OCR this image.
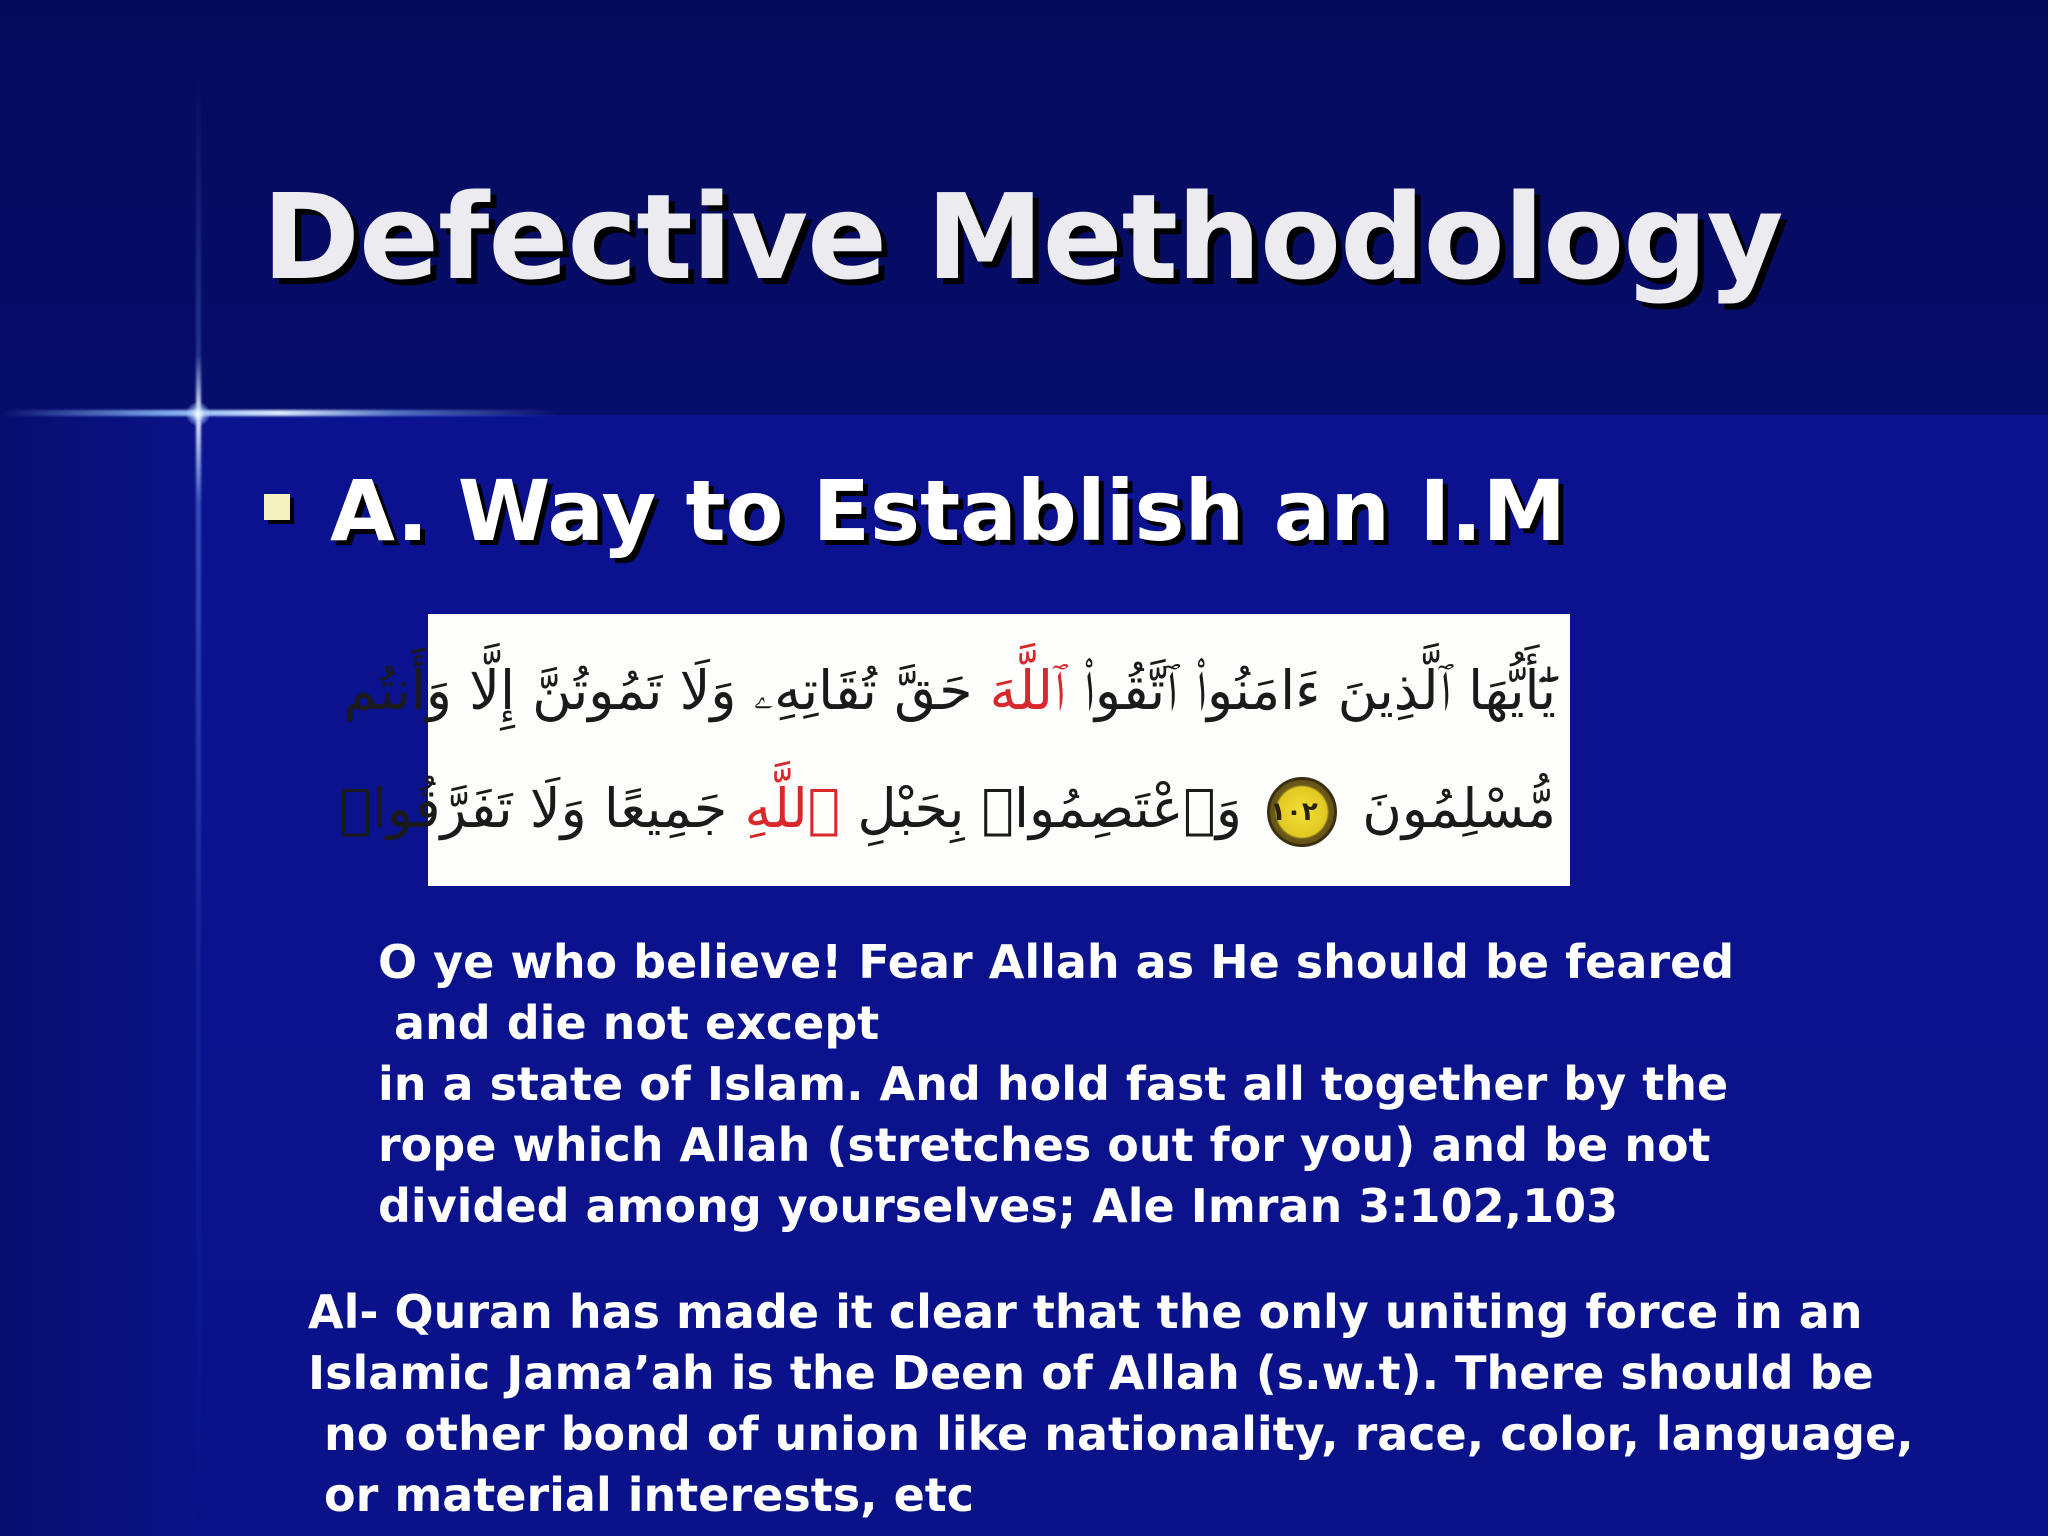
Defective Methodology
A. Way to Establish an I.M
يَٰٓأَيُّهَا ٱلَّذِينَ ءَامَنُوا۟ ٱتَّقُوا۟ ٱللَّهَ حَقَّ تُقَاتِهِۦ وَلَا تَمُوتُنَّ إِلَّا وَأَنتُم
مُّسْلِمُونَ ١٠٢ وَٱعْتَصِمُوا۟ بِحَبْلِ ٱللَّهِ جَمِيعًا وَلَا تَفَرَّقُوا۟
O ye who believe! Fear Allah as He should be feared
and die not except
in a state of Islam. And hold fast all together by the
rope which Allah (stretches out for you) and be not
divided among yourselves; Ale Imran 3:102,103
Al- Quran has made it clear that the only uniting force in an
Islamic Jama’ah is the Deen of Allah (s.w.t). There should be
no other bond of union like nationality, race, color, language,
or material interests, etc
